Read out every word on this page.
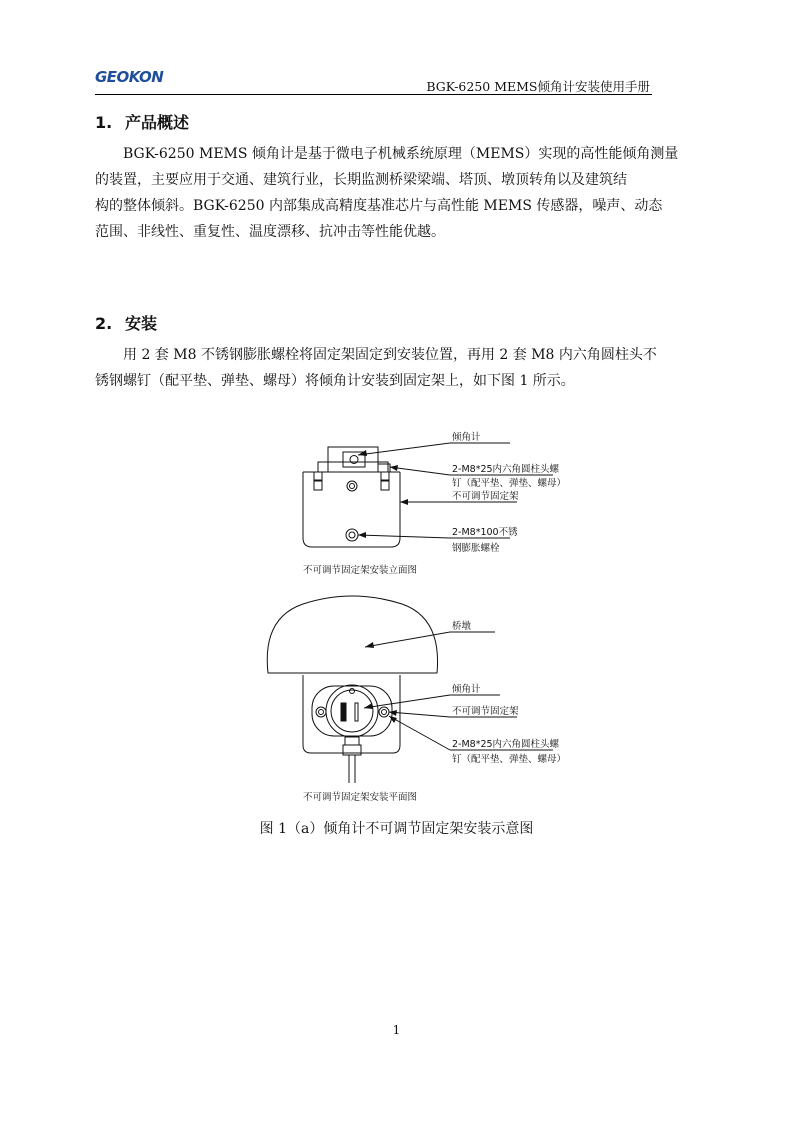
GEOKON
BGK-6250 MEMS倾角计安装使用手册
1. 产品概述
BGK-6250 MEMS 倾角计是基于微电子机械系统原理（MEMS）实现的高性能倾角测量
的装置，主要应用于交通、建筑行业，长期监测桥梁梁端、塔顶、墩顶转角以及建筑结
构的整体倾斜。BGK-6250 内部集成高精度基准芯片与高性能 MEMS 传感器，噪声、动态
范围、非线性、重复性、温度漂移、抗冲击等性能优越。
2. 安装
用 2 套 M8 不锈钢膨胀螺栓将固定架固定到安装位置，再用 2 套 M8 内六角圆柱头不
锈钢螺钉（配平垫、弹垫、螺母）将倾角计安装到固定架上，如下图 1 所示。
倾角计
2-M8*25内六角圆柱头螺
钉（配平垫、弹垫、螺母）
不可调节固定架
2-M8*100不锈
钢膨胀螺栓
不可调节固定架安装立面图
桥墩
倾角计
不可调节固定架
2-M8*25内六角圆柱头螺
钉（配平垫、弹垫、螺母）
不可调节固定架安装平面图
图 1（a）倾角计不可调节固定架安装示意图
1
